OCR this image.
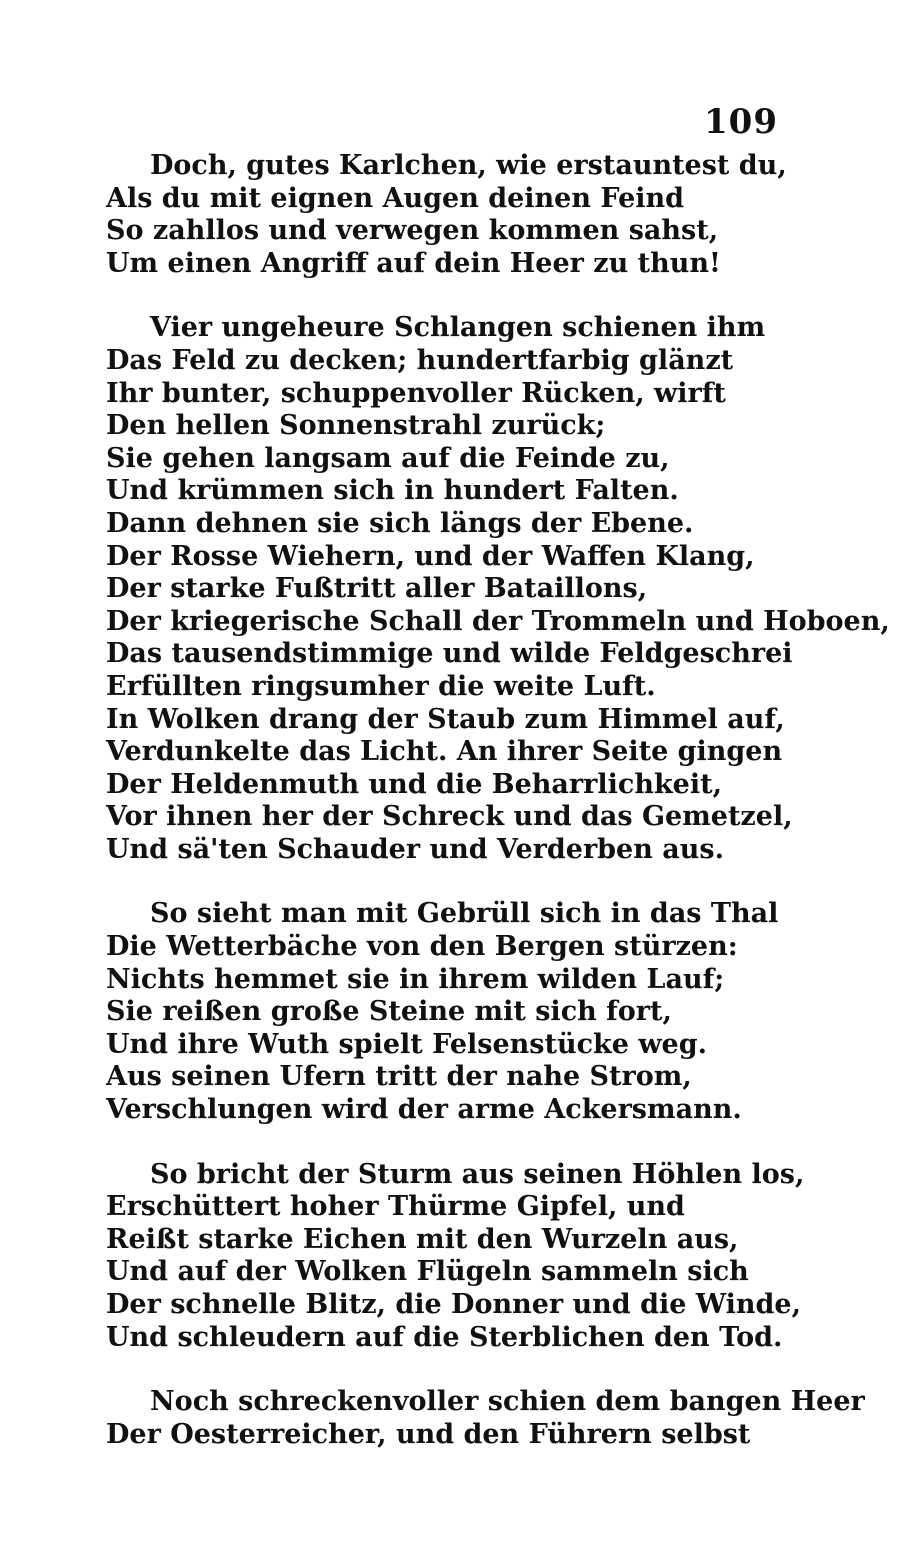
109
Doch, gutes Karlchen, wie erstauntest du,
Als du mit eignen Augen deinen Feind
So zahllos und verwegen kommen sahst,
Um einen Angriff auf dein Heer zu thun!
Vier ungeheure Schlangen schienen ihm
Das Feld zu decken; hundertfarbig glänzt
Ihr bunter, schuppenvoller Rücken, wirft
Den hellen Sonnenstrahl zurück;
Sie gehen langsam auf die Feinde zu,
Und krümmen sich in hundert Falten.
Dann dehnen sie sich längs der Ebene.
Der Rosse Wiehern, und der Waffen Klang,
Der starke Fußtritt aller Bataillons,
Der kriegerische Schall der Trommeln und Hoboen,
Das tausendstimmige und wilde Feldgeschrei
Erfüllten ringsumher die weite Luft.
In Wolken drang der Staub zum Himmel auf,
Verdunkelte das Licht. An ihrer Seite gingen
Der Heldenmuth und die Beharrlichkeit,
Vor ihnen her der Schreck und das Gemetzel,
Und sä'ten Schauder und Verderben aus.
So sieht man mit Gebrüll sich in das Thal
Die Wetterbäche von den Bergen stürzen:
Nichts hemmet sie in ihrem wilden Lauf;
Sie reißen große Steine mit sich fort,
Und ihre Wuth spielt Felsenstücke weg.
Aus seinen Ufern tritt der nahe Strom,
Verschlungen wird der arme Ackersmann.
So bricht der Sturm aus seinen Höhlen los,
Erschüttert hoher Thürme Gipfel, und
Reißt starke Eichen mit den Wurzeln aus,
Und auf der Wolken Flügeln sammeln sich
Der schnelle Blitz, die Donner und die Winde,
Und schleudern auf die Sterblichen den Tod.
Noch schreckenvoller schien dem bangen Heer
Der Oesterreicher, und den Führern selbst
